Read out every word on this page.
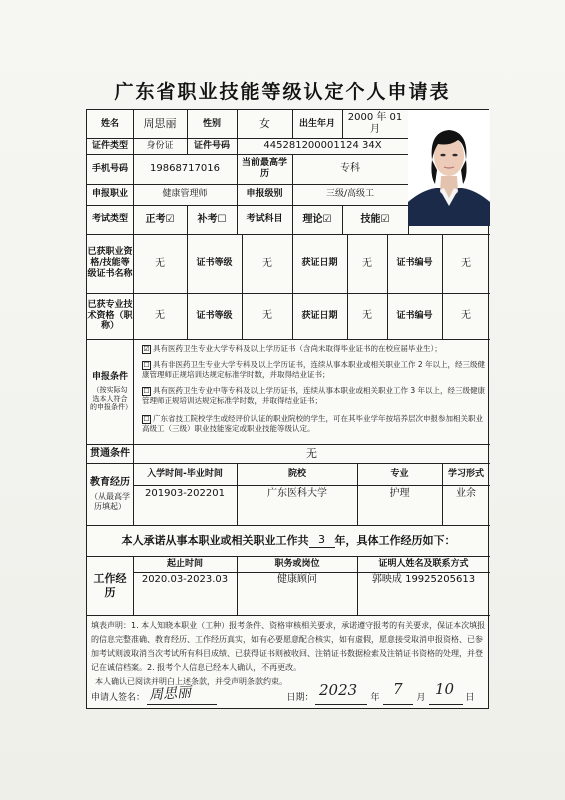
广东省职业技能等级认定个人申请表
姓名	周思丽	性别	女	出生年月
2000 年 01 月
证件类型	身份证	证件号码	445281200001124 34X
手机号码	19868717016	当前最高学历	专科
申报职业	健康管理师	申报级别	三级/高级工
考试类型	正考 ☑ 补考 ☐	考试科目	理论 ☑	技能 ☑
已获职业资格/技能等级证书名称
无	证书等级	无	获证日期	无	证书编号	无
已获专业技术资格（职称）
无	证书等级	无	获证日期	无	证书编号	无
申报条件
（按实际勾选本人符合的申报条件）
☑ 具有医药卫生专业大学专科及以上学历证书（含尚未取得毕业证书的在校应届毕业生）；
☐ 具有非医药卫生专业大学专科及以上学历证书，连续从事本职业或相关职业工作 2 年以上，经三级健康管理师正规培训达规定标准学时数，并取得结业证书；
☐ 具有医药卫生专业中等专科及以上学历证书，连续从事本职业或相关职业工作 3 年以上，经三级健康管理师正规培训达规定标准学时数，并取得结业证书；
☐ 广东省技工院校学生或经评价认证的职业院校的学生，可在其毕业学年按培养层次申报参加相关职业高级工（三级）职业技能鉴定或职业技能等级认定。
贯通条件	无
教育经历
（从最高学历填起）
入学时间-毕业时间	院校	专业	学习形式
201903-202201	广东医科大学	护理	业余
本人承诺从事本职业或相关职业工作共 3 年，具体工作经历如下：
工作经历
起止时间	职务或岗位	证明人姓名及联系方式
2020.03-2023.03	健康顾问	郭映成 19925205613
填表声明：1. 本人知晓本职业（工种）报考条件、资格审核相关要求，承诺遵守报考的有关要求，保证本次填报的信息完整准确、教育经历、工作经历真实，如有必要愿意配合核实，如有虚假，愿意接受取消申报资格、已参加考试则波取消当次考试所有科目成绩、已获得证书则被收回、注销证书数据检索及注销证书资格的处理，并登记在诚信档案。2. 报考个人信息已经本人确认，不再更改。
本人确认已阅读并明白上述条款，并受声明条款约束。
申请人签名： 周思丽	日期： 2023 年 7 月 10 日
